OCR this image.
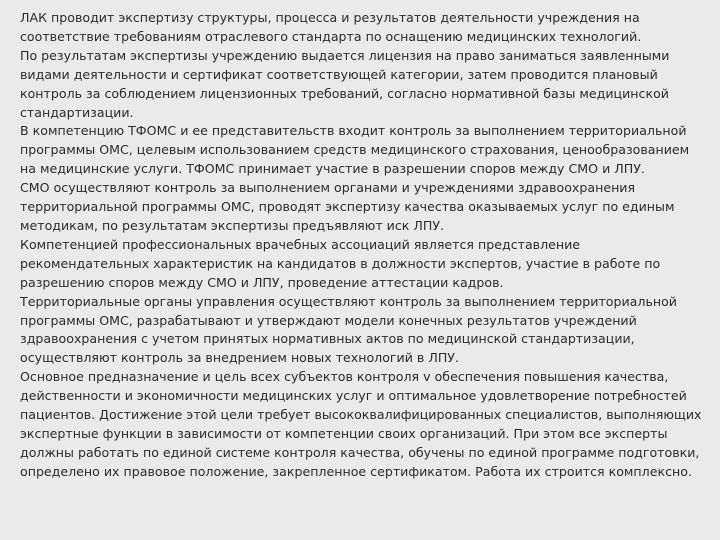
ЛАК проводит экспертизу структуры, процесса и результатов деятельности учреждения на соответствие требованиям отраслевого стандарта по оснащению медицинских технологий.

По результатам экспертизы учреждению выдается лицензия на право заниматься заявленными видами деятельности и сертификат соответствующей категории, затем проводится плановый контроль за соблюдением лицензионных требований, согласно нормативной базы медицинской стандартизации.

В компетенцию ТФОМС и ее представительств входит контроль за выполнением территориальной программы ОМС, целевым использованием средств медицинского страхования, ценообразованием на медицинские услуги. ТФОМС принимает участие в разрешении споров между СМО и ЛПУ.

СМО осуществляют контроль за выполнением органами и учреждениями здравоохранения территориальной программы ОМС, проводят экспертизу качества оказываемых услуг по единым методикам, по результатам экспертизы предъявляют иск ЛПУ.

Компетенцией профессиональных врачебных ассоциаций является представление рекомендательных характеристик на кандидатов в должности экспертов, участие в работе по разрешению споров между СМО и ЛПУ, проведение аттестации кадров.

Территориальные органы управления осуществляют контроль за выполнением территориальной программы ОМС, разрабатывают и утверждают модели конечных результатов учреждений здравоохранения с учетом принятых нормативных актов по медицинской стандартизации, осуществляют контроль за внедрением новых технологий в ЛПУ.

Основное предназначение и цель всех субъектов контроля v обеспечения повышения качества, действенности и экономичности медицинских услуг и оптимальное удовлетворение потребностей пациентов. Достижение этой цели требует высококвалифицированных специалистов, выполняющих экспертные функции в зависимости от компетенции своих организаций. При этом все эксперты должны работать по единой системе контроля качества, обучены по единой программе подготовки, определено их правовое положение, закрепленное сертификатом. Работа их строится комплексно.
